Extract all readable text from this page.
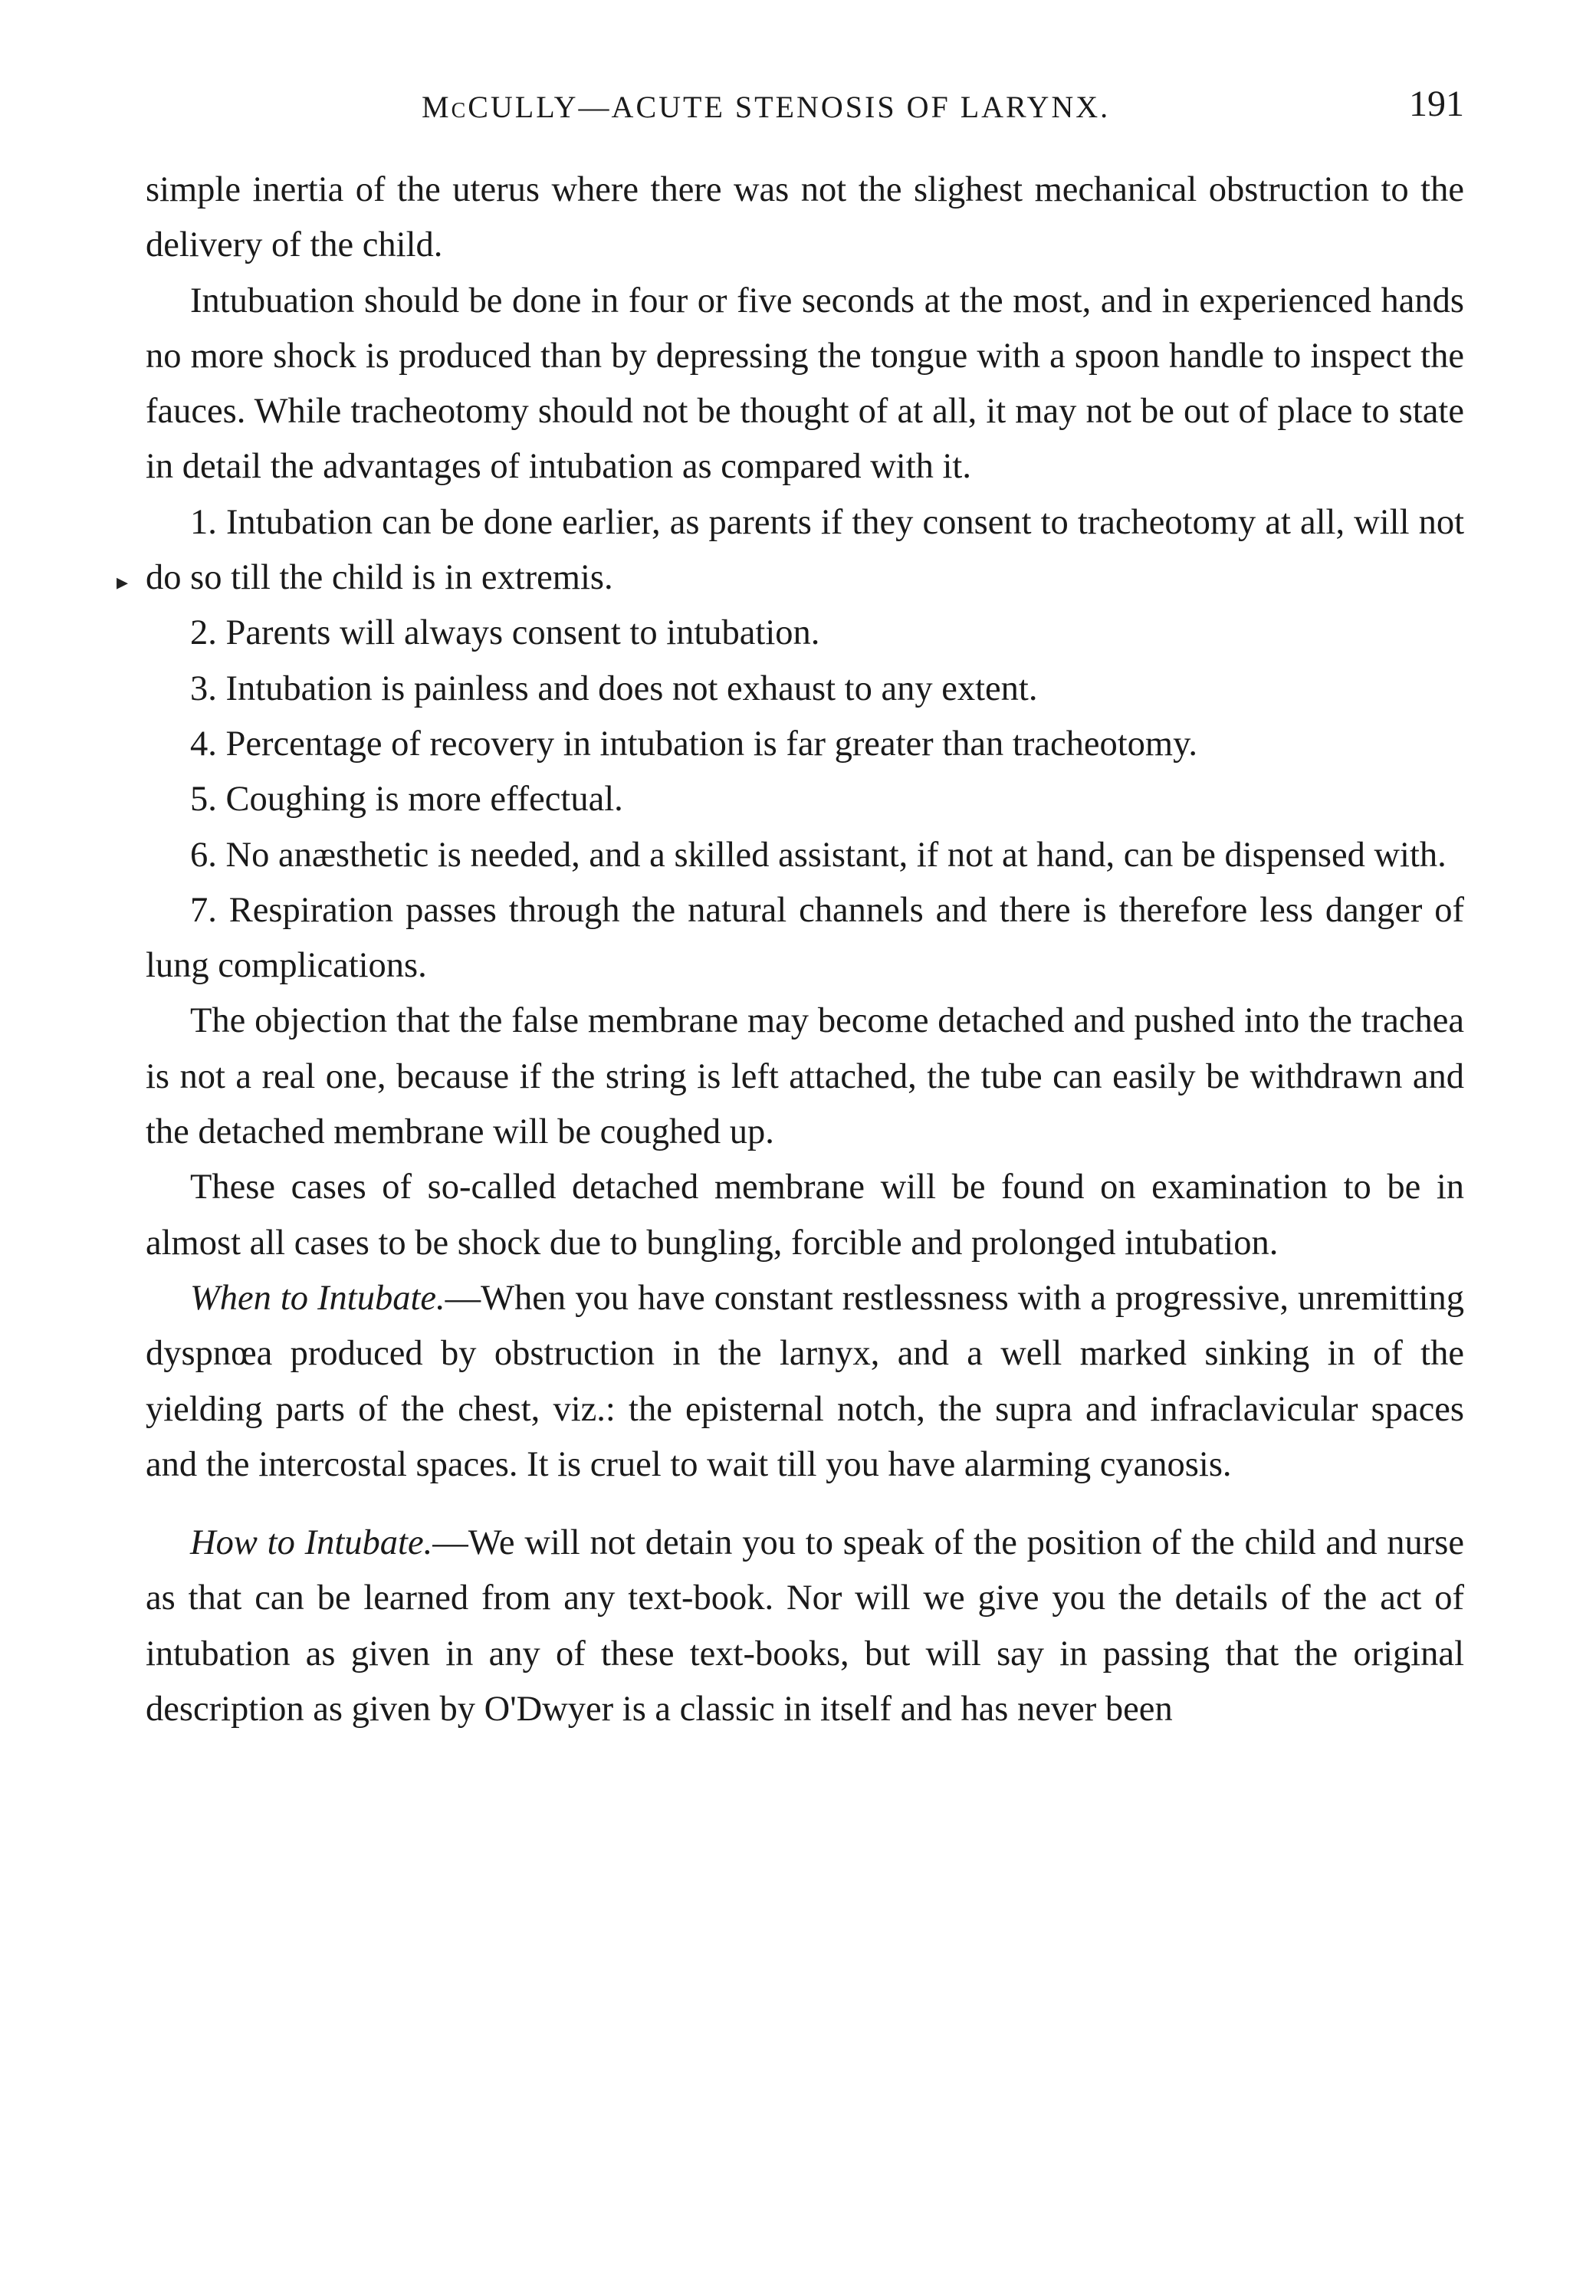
McCULLY—ACUTE STENOSIS OF LARYNX.	191
▸

simple inertia of the uterus where there was not the slighest mechanical obstruction to the delivery of the child.

Intubuation should be done in four or five seconds at the most, and in experienced hands no more shock is produced than by depressing the tongue with a spoon handle to inspect the fauces. While tracheotomy should not be thought of at all, it may not be out of place to state in detail the advantages of intubation as compared with it.

1. Intubation can be done earlier, as parents if they consent to tracheotomy at all, will not do so till the child is in extremis.

2. Parents will always consent to intubation.

3. Intubation is painless and does not exhaust to any extent.

4. Percentage of recovery in intubation is far greater than tracheotomy.

5. Coughing is more effectual.

6. No anæsthetic is needed, and a skilled assistant, if not at hand, can be dispensed with.

7. Respiration passes through the natural channels and there is therefore less danger of lung complications.

The objection that the false membrane may become detached and pushed into the trachea is not a real one, because if the string is left attached, the tube can easily be withdrawn and the detached membrane will be coughed up.

These cases of so-called detached membrane will be found on examination to be in almost all cases to be shock due to bungling, forcible and prolonged intubation.

When to Intubate.—When you have constant restlessness with a progressive, unremitting dyspnœa produced by obstruction in the larnyx, and a well marked sinking in of the yielding parts of the chest, viz.: the episternal notch, the supra and infraclavicular spaces and the intercostal spaces. It is cruel to wait till you have alarming cyanosis.

How to Intubate.—We will not detain you to speak of the position of the child and nurse as that can be learned from any text-book. Nor will we give you the details of the act of intubation as given in any of these text-books, but will say in passing that the original description as given by O'Dwyer is a classic in itself and has never been
